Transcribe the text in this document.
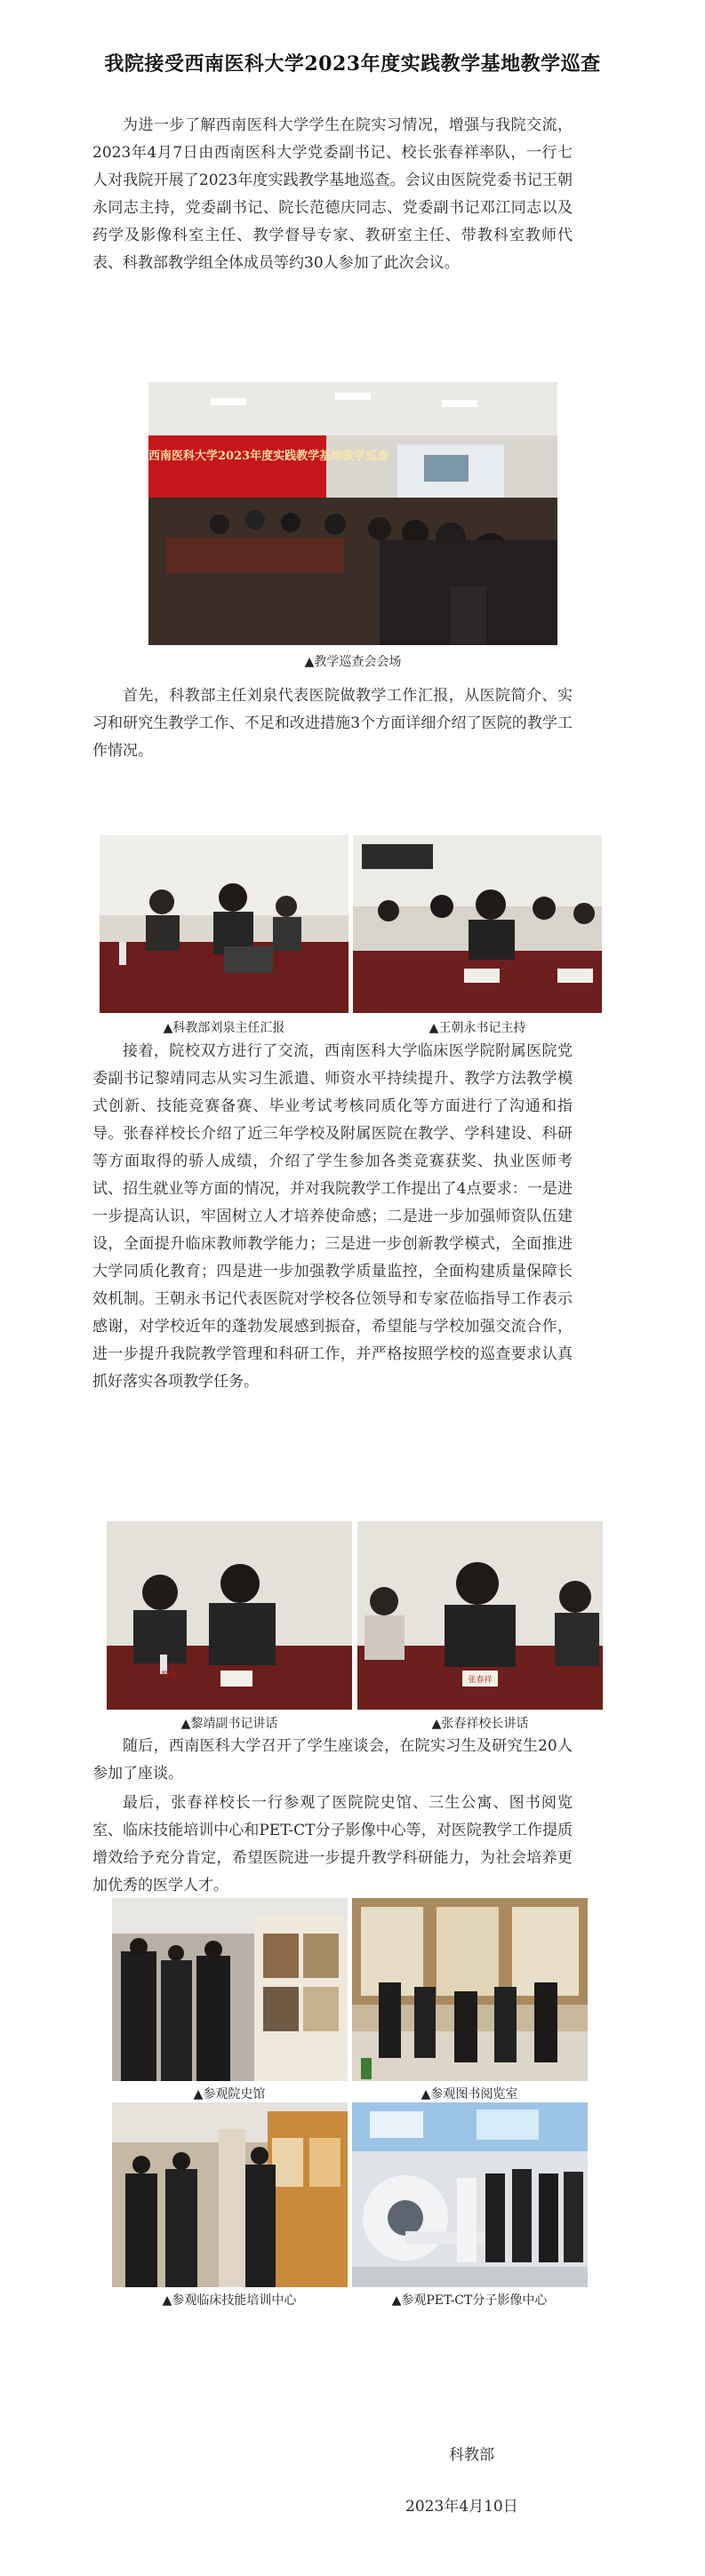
我院接受西南医科大学2023年度实践教学基地教学巡查

为进一步了解西南医科大学学生在院实习情况，增强与我院交流，2023年4月7日由西南医科大学党委副书记、校长张春祥率队，一行七人对我院开展了2023年度实践教学基地巡查。会议由医院党委书记王朝永同志主持，党委副书记、院长范德庆同志、党委副书记邓江同志以及药学及影像科室主任、教学督导专家、教研室主任、带教科室教师代表、科教部教学组全体成员等约30人参加了此次会议。

西南医科大学2023年度实践教学基地教学巡查
▲教学巡查会会场

首先，科教部主任刘泉代表医院做教学工作汇报，从医院简介、实习和研究生教学工作、不足和改进措施3个方面详细介绍了医院的教学工作情况。

▲科教部刘泉主任汇报	▲王朝永书记主持

接着，院校双方进行了交流，西南医科大学临床医学院附属医院党委副书记黎靖同志从实习生派遣、师资水平持续提升、教学方法教学模式创新、技能竞赛备赛、毕业考试考核同质化等方面进行了沟通和指导。张春祥校长介绍了近三年学校及附属医院在教学、学科建设、科研等方面取得的骄人成绩，介绍了学生参加各类竞赛获奖、执业医师考试、招生就业等方面的情况，并对我院教学工作提出了4点要求：一是进一步提高认识，牢固树立人才培养使命感；二是进一步加强师资队伍建设，全面提升临床教师教学能力；三是进一步创新教学模式，全面推进大学同质化教育；四是进一步加强教学质量监控，全面构建质量保障长效机制。王朝永书记代表医院对学校各位领导和专家莅临指导工作表示感谢，对学校近年的蓬勃发展感到振奋，希望能与学校加强交流合作，进一步提升我院教学管理和科研工作，并严格按照学校的巡查要求认真抓好落实各项教学任务。

黎靖	张春祥
▲黎靖副书记讲话	▲张春祥校长讲话

随后，西南医科大学召开了学生座谈会，在院实习生及研究生20人参加了座谈。

最后，张春祥校长一行参观了医院院史馆、三生公寓、图书阅览室、临床技能培训中心和PET-CT分子影像中心等，对医院教学工作提质增效给予充分肯定，希望医院进一步提升教学科研能力，为社会培养更加优秀的医学人才。

▲参观院史馆	▲参观图书阅览室
▲参观临床技能培训中心	▲参观PET-CT分子影像中心
科教部
2023年4月10日
